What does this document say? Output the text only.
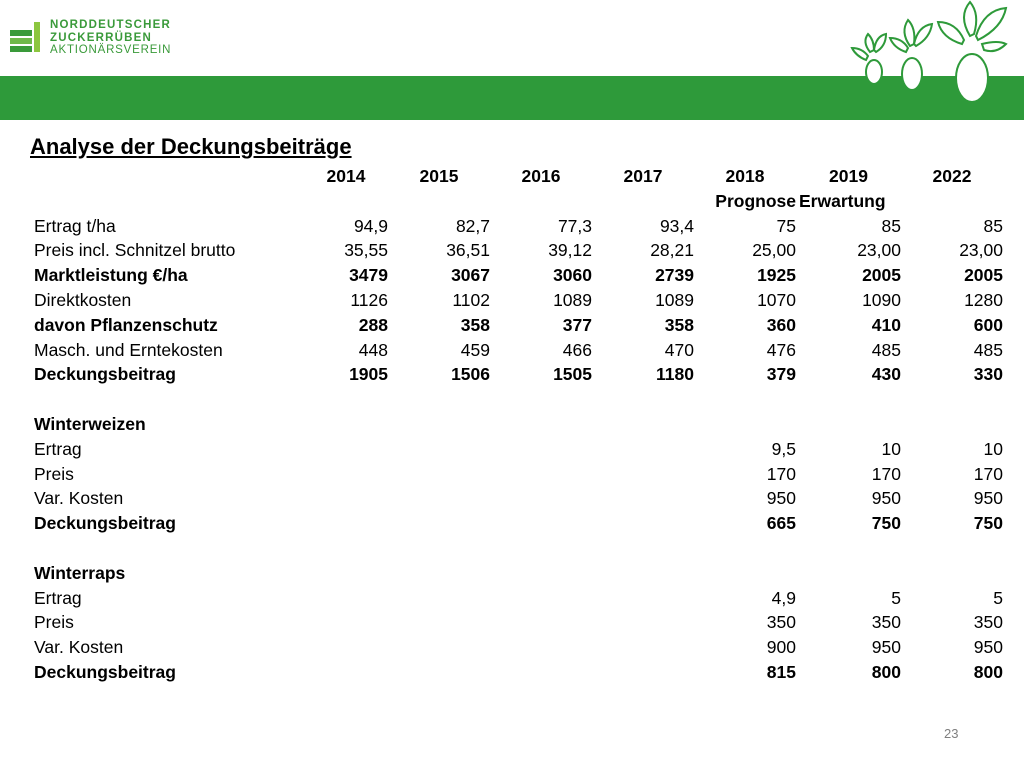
NORDDEUTSCHER
ZUCKERRÜBEN
AKTIONÄRSVEREIN
Analyse der Deckungsbeiträge
	2014	2015	2016	2017	2018	2019	2022
					Prognose	Erwartung	
Ertrag t/ha	94,9	82,7	77,3	93,4	75	85	85
Preis incl. Schnitzel brutto	35,55	36,51	39,12	28,21	25,00	23,00	23,00
Marktleistung €/ha	3479	3067	3060	2739	1925	2005	2005
Direktkosten	1126	1102	1089	1089	1070	1090	1280
davon Pflanzenschutz	288	358	377	358	360	410	600
Masch. und Erntekosten	448	459	466	470	476	485	485
Deckungsbeitrag	1905	1506	1505	1180	379	430	330

Winterweizen							
Ertrag					9,5	10	10
Preis					170	170	170
Var. Kosten					950	950	950
Deckungsbeitrag					665	750	750

Winterraps							
Ertrag					4,9	5	5
Preis					350	350	350
Var. Kosten					900	950	950
Deckungsbeitrag					815	800	800
23
